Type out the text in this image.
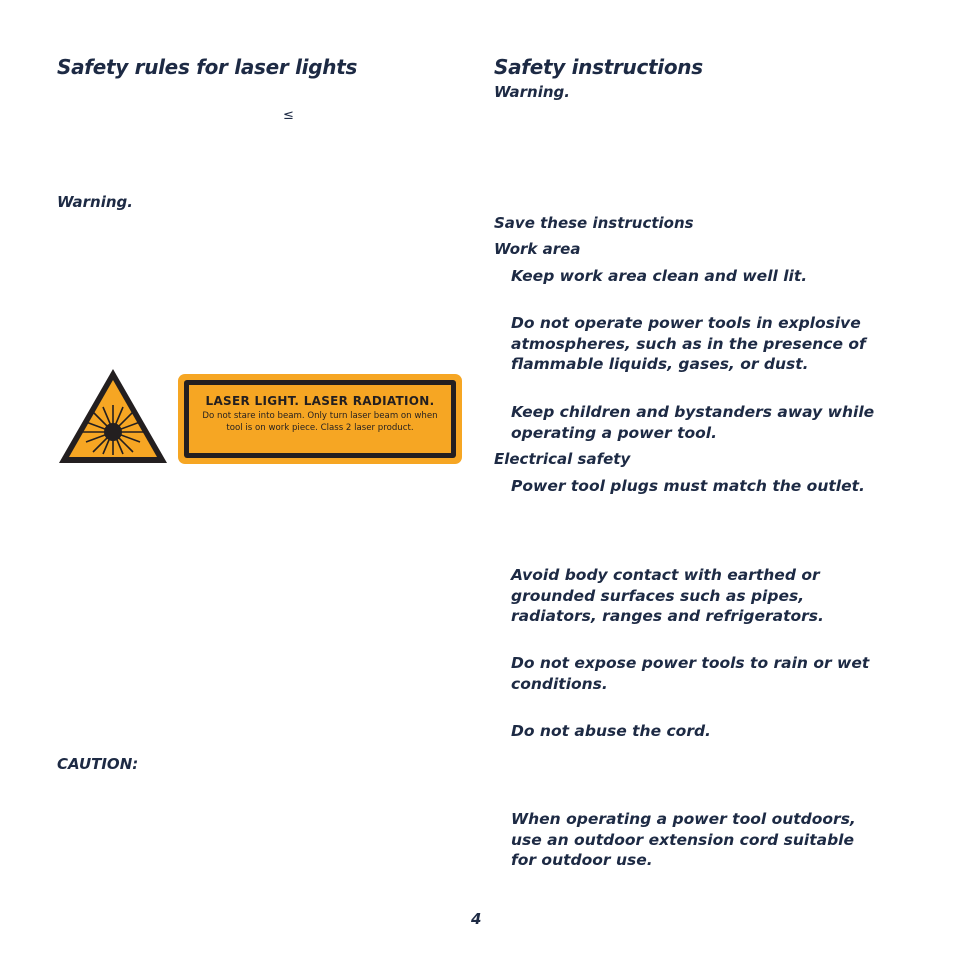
Safety rules for laser lights
≤
Warning.
LASER LIGHT. LASER RADIATION.
Do not stare into beam. Only turn laser beam on when tool is on work piece. Class 2 laser product.
CAUTION:
Safety instructions
Warning.
Save these instructions
Work area
Keep work area clean and well lit.
Do not operate power tools in explosive atmospheres, such as in the presence of flammable liquids, gases, or dust.
Keep children and bystanders away while operating a power tool.
Electrical safety
Power tool plugs must match the outlet.
Avoid body contact with earthed or grounded surfaces such as pipes, radiators, ranges and refrigerators.
Do not expose power tools to rain or wet conditions.
Do not abuse the cord.
When operating a power tool outdoors, use an outdoor extension cord suitable for outdoor use.
4
